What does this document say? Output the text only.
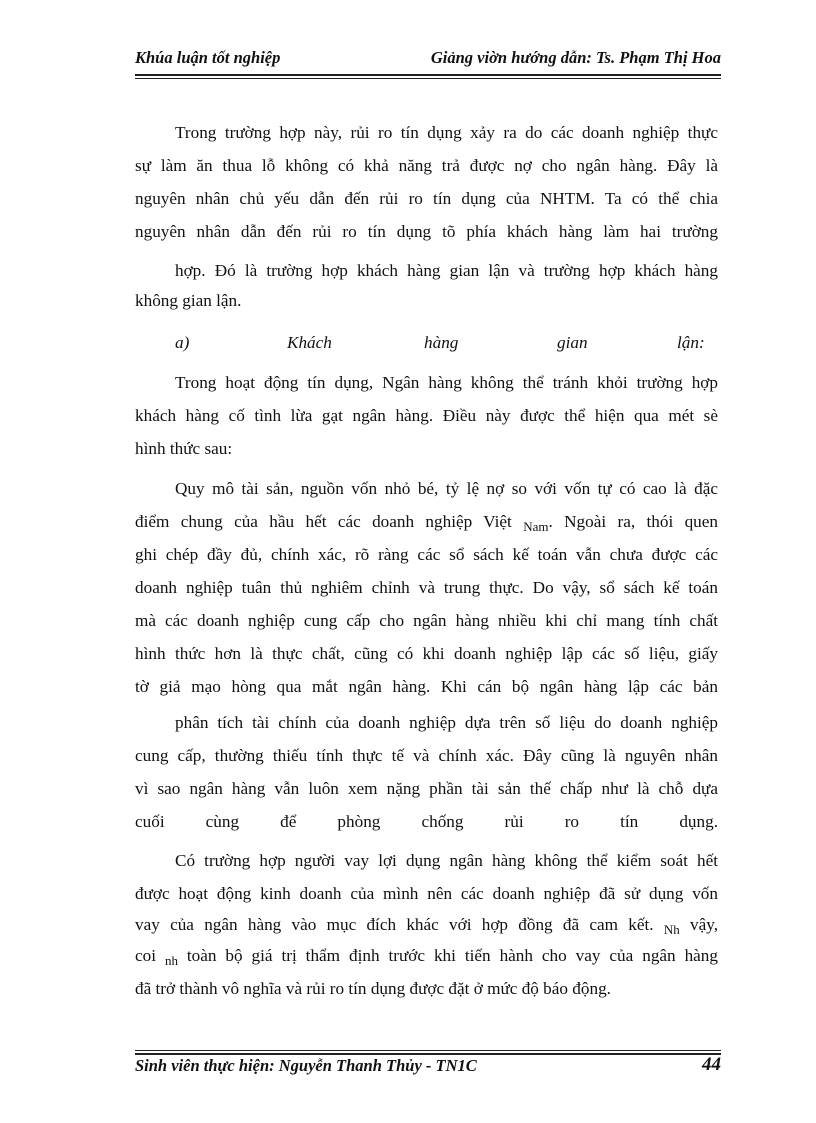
Khúa luận tốt nghiệp	Giảng viờn hướng dẫn: Ts. Phạm Thị Hoa
Trong trường hợp này, rủi ro tín dụng xảy ra do các doanh nghiệp thực
sự làm ăn thua lỗ không có khả năng trả được nợ cho ngân hàng. Đây là
nguyên nhân chủ yếu dẫn đến rủi ro tín dụng của NHTM. Ta có thể chia
nguyên nhân dẫn đến rủi ro tín dụng tõ phía khách hàng làm hai trường
hợp. Đó là trường hợp khách hàng gian lận và trường hợp khách hàng
không gian lận.
a)	Khách	hàng	gian	lận:
Trong hoạt động tín dụng, Ngân hàng không thể tránh khỏi trường hợp
khách hàng cố tình lừa gạt ngân hàng. Điều này được thể hiện qua mét sè
hình thức sau:
Quy mô tài sản, nguồn vốn nhỏ bé, tỷ lệ nợ so với vốn tự có cao là đặc
điểm chung của hầu hết các doanh nghiệp Việt $_{Nam}$. Ngoài ra, thói quen
ghi chép đầy đủ, chính xác, rõ ràng các sổ sách kế toán vẫn chưa được các
doanh nghiệp tuân thủ nghiêm chỉnh và trung thực. Do vậy, sổ sách kế toán
mà các doanh nghiệp cung cấp cho ngân hàng nhiều khi chỉ mang tính chất
hình thức hơn là thực chất, cũng có khi doanh nghiệp lập các số liệu, giấy
tờ giả mạo hòng qua mắt ngân hàng. Khi cán bộ ngân hàng lập các bản
phân tích tài chính của doanh nghiệp dựa trên số liệu do doanh nghiệp
cung cấp, thường thiếu tính thực tế và chính xác. Đây cũng là nguyên nhân
vì sao ngân hàng vẫn luôn xem nặng phần tài sản thế chấp như là chỗ dựa
cuối cùng để phòng chống rủi ro tín dụng.
Có trường hợp người vay lợi dụng ngân hàng không thể kiểm soát hết
được hoạt động kinh doanh của mình nên các doanh nghiệp đã sử dụng vốn
vay của ngân hàng vào mục đích khác với hợp đồng đã cam kết. $_{Nh}$ vậy,
coi $_{nh}$ toàn bộ giá trị thẩm định trước khi tiến hành cho vay của ngân hàng
đã trở thành vô nghĩa và rủi ro tín dụng được đặt ở mức độ báo động.
Sinh viên thực hiện: Nguyễn Thanh Thủy - TN1C	44
